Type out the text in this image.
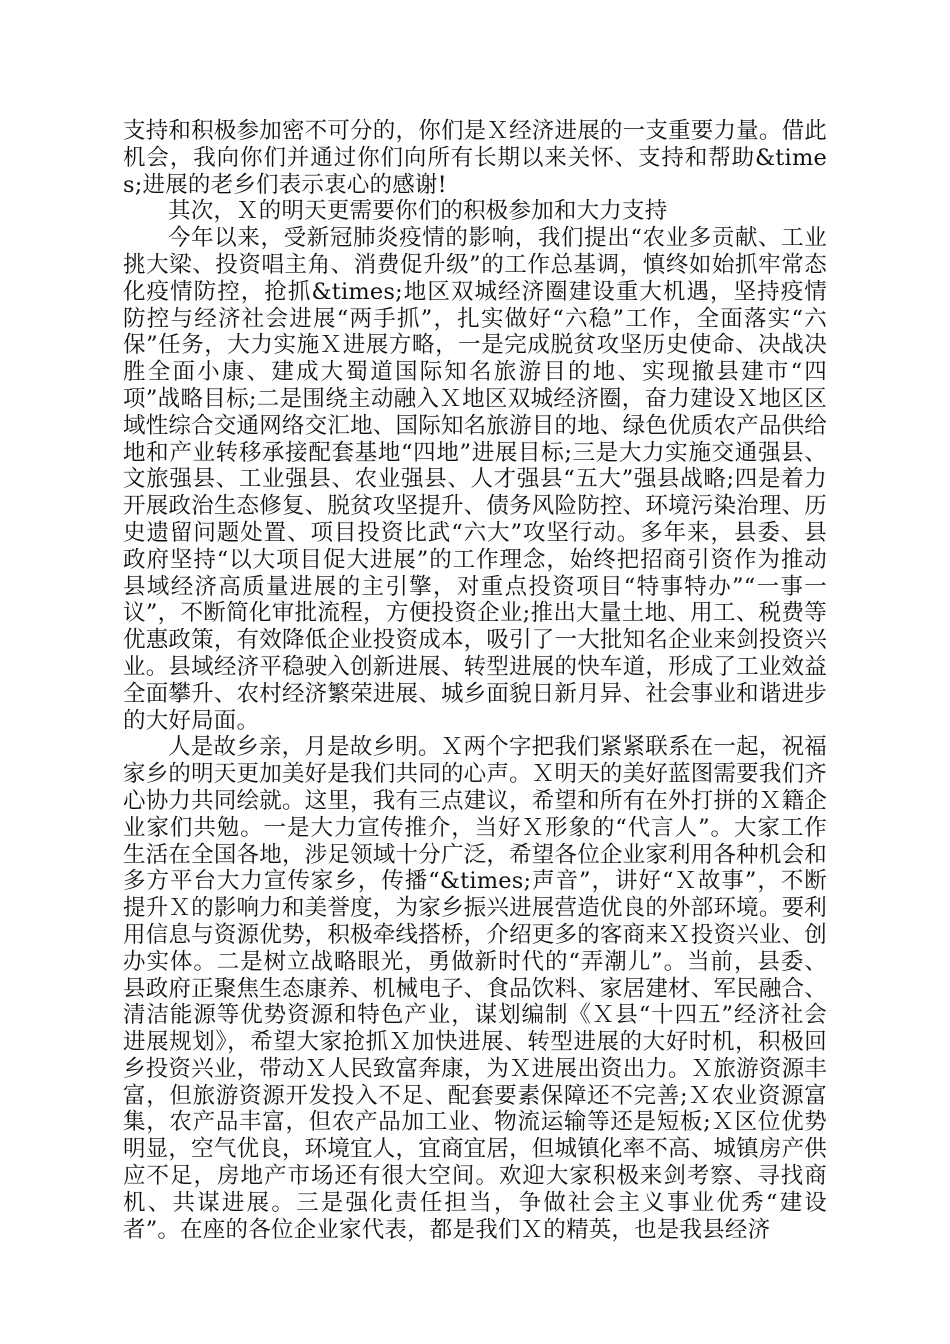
支持和积极参加密不可分的，你们是Ｘ经济进展的一支重要力量。借此机会，我向你们并通过你们向所有长期以来关怀、支持和帮助&times;进展的老乡们表示衷心的感谢!

其次，Ｘ的明天更需要你们的积极参加和大力支持

今年以来，受新冠肺炎疫情的影响，我们提出“农业多贡献、工业挑大梁、投资唱主角、消费促升级”的工作总基调，慎终如始抓牢常态化疫情防控，抢抓&times;地区双城经济圈建设重大机遇，坚持疫情防控与经济社会进展“两手抓”，扎实做好“六稳”工作，全面落实“六保”任务，大力实施Ｘ进展方略，一是完成脱贫攻坚历史使命、决战决胜全面小康、建成大蜀道国际知名旅游目的地、实现撤县建市“四项”战略目标;二是围绕主动融入Ｘ地区双城经济圈，奋力建设Ｘ地区区域性综合交通网络交汇地、国际知名旅游目的地、绿色优质农产品供给地和产业转移承接配套基地“四地”进展目标;三是大力实施交通强县、文旅强县、工业强县、农业强县、人才强县“五大”强县战略;四是着力开展政治生态修复、脱贫攻坚提升、债务风险防控、环境污染治理、历史遗留问题处置、项目投资比武“六大”攻坚行动。多年来，县委、县政府坚持“以大项目促大进展”的工作理念，始终把招商引资作为推动县域经济高质量进展的主引擎，对重点投资项目“特事特办”“一事一议”，不断简化审批流程，方便投资企业;推出大量土地、用工、税费等优惠政策，有效降低企业投资成本，吸引了一大批知名企业来剑投资兴业。县域经济平稳驶入创新进展、转型进展的快车道，形成了工业效益全面攀升、农村经济繁荣进展、城乡面貌日新月异、社会事业和谐进步的大好局面。

人是故乡亲，月是故乡明。Ｘ两个字把我们紧紧联系在一起，祝福家乡的明天更加美好是我们共同的心声。Ｘ明天的美好蓝图需要我们齐心协力共同绘就。这里，我有三点建议，希望和所有在外打拼的Ｘ籍企业家们共勉。一是大力宣传推介，当好Ｘ形象的“代言人”。大家工作生活在全国各地，涉足领域十分广泛，希望各位企业家利用各种机会和多方平台大力宣传家乡，传播“&times;声音”，讲好“Ｘ故事”，不断提升Ｘ的影响力和美誉度，为家乡振兴进展营造优良的外部环境。要利用信息与资源优势，积极牵线搭桥，介绍更多的客商来Ｘ投资兴业、创办实体。二是树立战略眼光，勇做新时代的“弄潮儿”。当前，县委、县政府正聚焦生态康养、机械电子、食品饮料、家居建材、军民融合、清洁能源等优势资源和特色产业，谋划编制《Ｘ县“十四五”经济社会进展规划》，希望大家抢抓Ｘ加快进展、转型进展的大好时机，积极回乡投资兴业，带动Ｘ人民致富奔康，为Ｘ进展出资出力。Ｘ旅游资源丰富，但旅游资源开发投入不足、配套要素保障还不完善;Ｘ农业资源富集，农产品丰富，但农产品加工业、物流运输等还是短板;Ｘ区位优势明显，空气优良，环境宜人，宜商宜居，但城镇化率不高、城镇房产供应不足，房地产市场还有很大空间。欢迎大家积极来剑考察、寻找商机、共谋进展。三是强化责任担当，争做社会主义事业优秀“建设者”。在座的各位企业家代表，都是我们Ｘ的精英，也是我县经济
